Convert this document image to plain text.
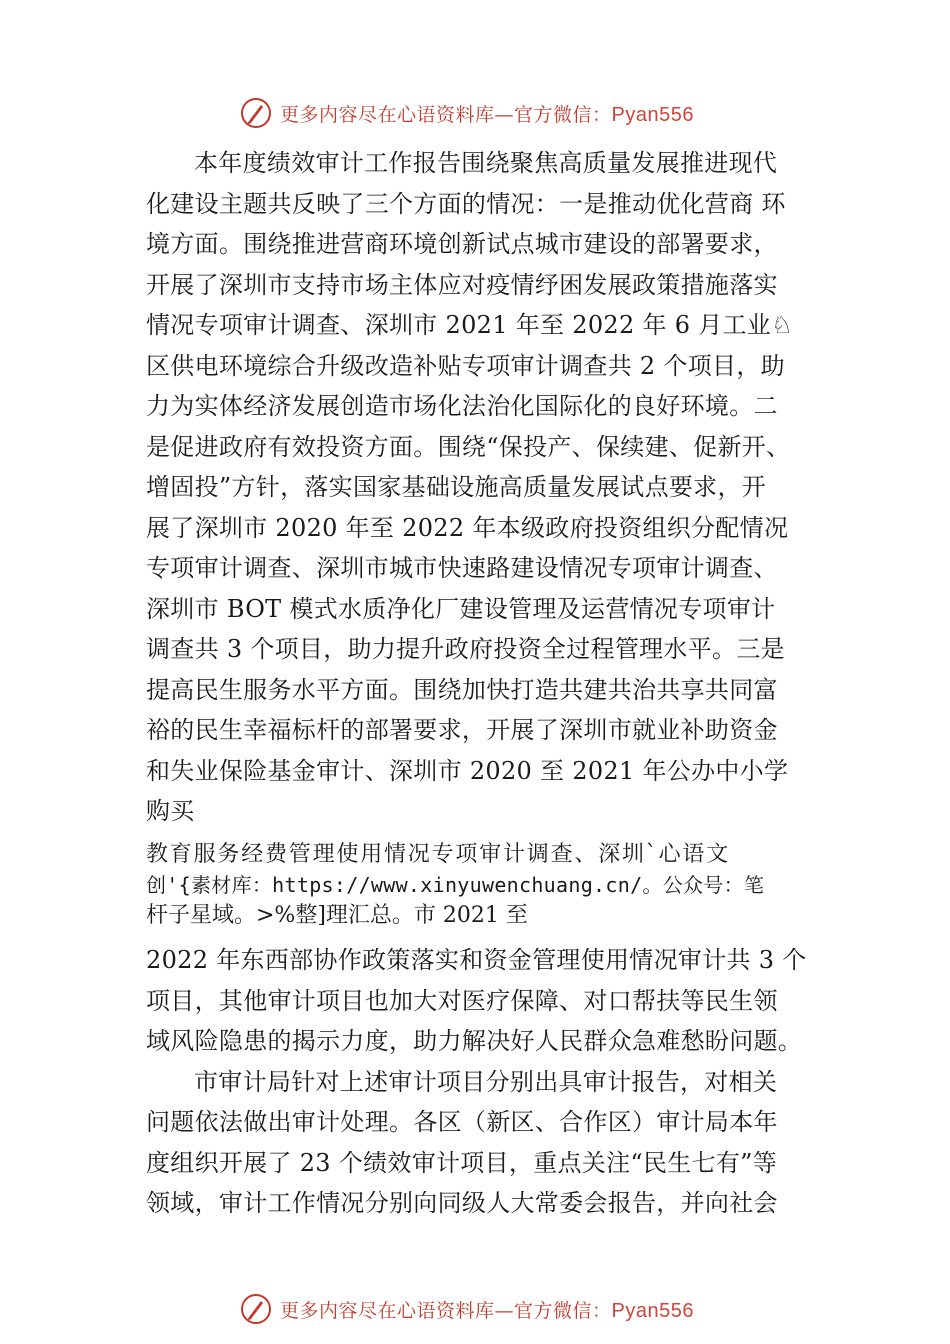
更多内容尽在心语资料库—官方微信：Pyan556
本年度绩效审计工作报告围绕聚焦高质量发展推进现代
化建设主题共反映了三个方面的情况：一是推动优化营商 环
境方面。围绕推进营商环境创新试点城市建设的部署要求，
开展了深圳市支持市场主体应对疫情纾困发展政策措施落实
情况专项审计调查、深圳市 2021 年至 2022 年 6 月工业♘
区供电环境综合升级改造补贴专项审计调查共 2 个项目，助
力为实体经济发展创造市场化法治化国际化的良好环境。二
是促进政府有效投资方面。围绕“保投产、保续建、促新开、
增固投”方针，落实国家基础设施高质量发展试点要求，开
展了深圳市 2020 年至 2022 年本级政府投资组织分配情况
专项审计调查、深圳市城市快速路建设情况专项审计调查、
深圳市 BOT 模式水质净化厂建设管理及运营情况专项审计
调查共 3 个项目，助力提升政府投资全过程管理水平。三是
提高民生服务水平方面。围绕加快打造共建共治共享共同富
裕的民生幸福标杆的部署要求，开展了深圳市就业补助资金
和失业保险基金审计、深圳市 2020 至 2021 年公办中小学
购买
教育服务经费管理使用情况专项审计调查、深圳`心语文
创'{素材库：https://www.xinyuwenchuang.cn/。公众号：笔
杆子星域。>%整]理汇总。市 2021 至
2022 年东西部协作政策落实和资金管理使用情况审计共 3 个
项目，其他审计项目也加大对医疗保障、对口帮扶等民生领
域风险隐患的揭示力度，助力解决好人民群众急难愁盼问题。
市审计局针对上述审计项目分别出具审计报告，对相关
问题依法做出审计处理。各区（新区、合作区）审计局本年
度组织开展了 23 个绩效审计项目，重点关注“民生七有”等
领域，审计工作情况分别向同级人大常委会报告，并向社会
更多内容尽在心语资料库—官方微信：Pyan556
